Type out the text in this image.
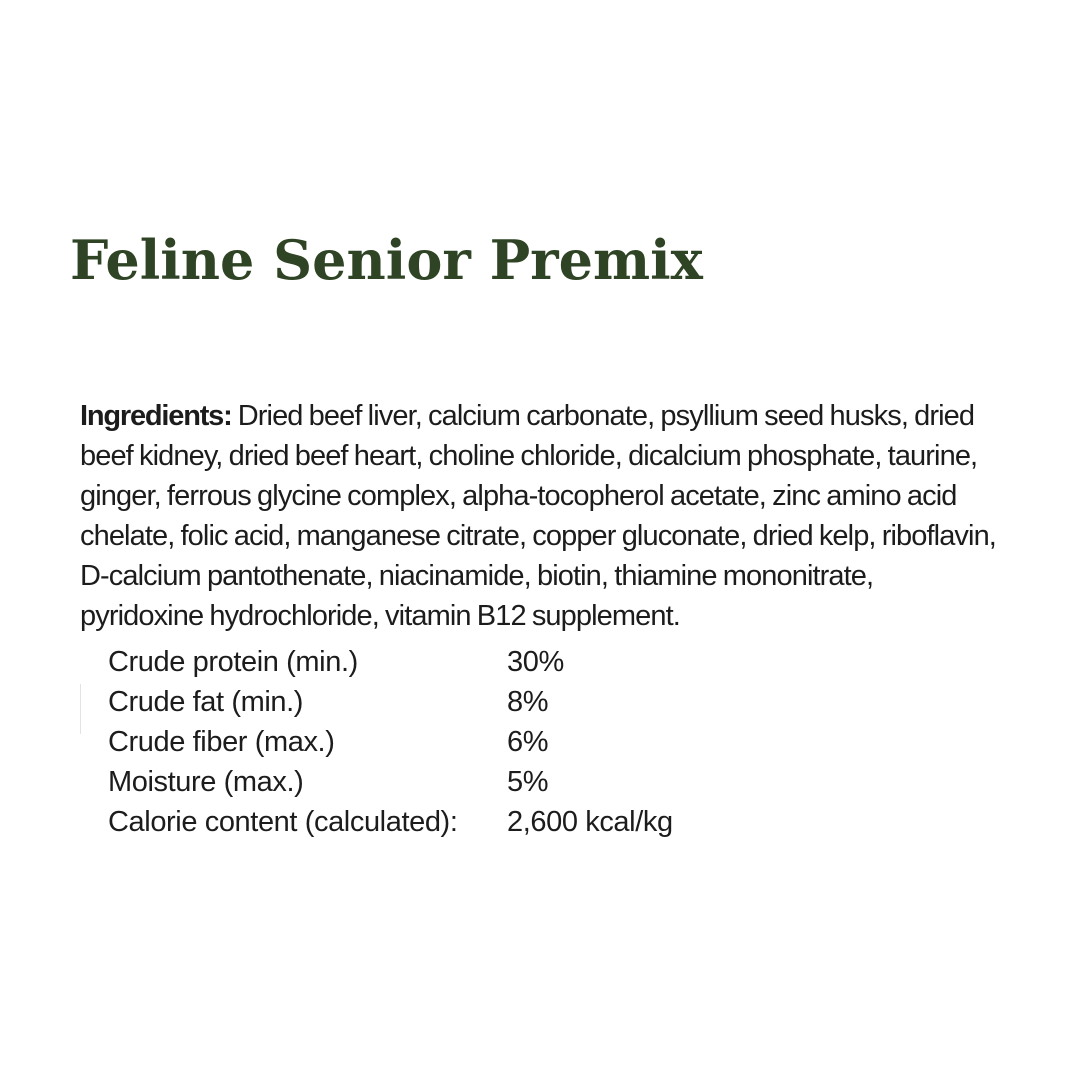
Feline Senior Premix

Ingredients: Dried beef liver, calcium carbonate, psyllium seed husks, dried beef kidney, dried beef heart, choline chloride, dicalcium phosphate, taurine, ginger, ferrous glycine complex, alpha-tocopherol acetate, zinc amino acid chelate, folic acid, manganese citrate, copper gluconate, dried kelp, riboflavin, D-calcium pantothenate, niacinamide, biotin, thiamine mononitrate, pyridoxine hydrochloride, vitamin B12 supplement.

Crude protein (min.)	30%
Crude fat (min.)	8%
Crude fiber (max.)	6%
Moisture (max.)	5%
Calorie content (calculated):	2,600 kcal/kg
